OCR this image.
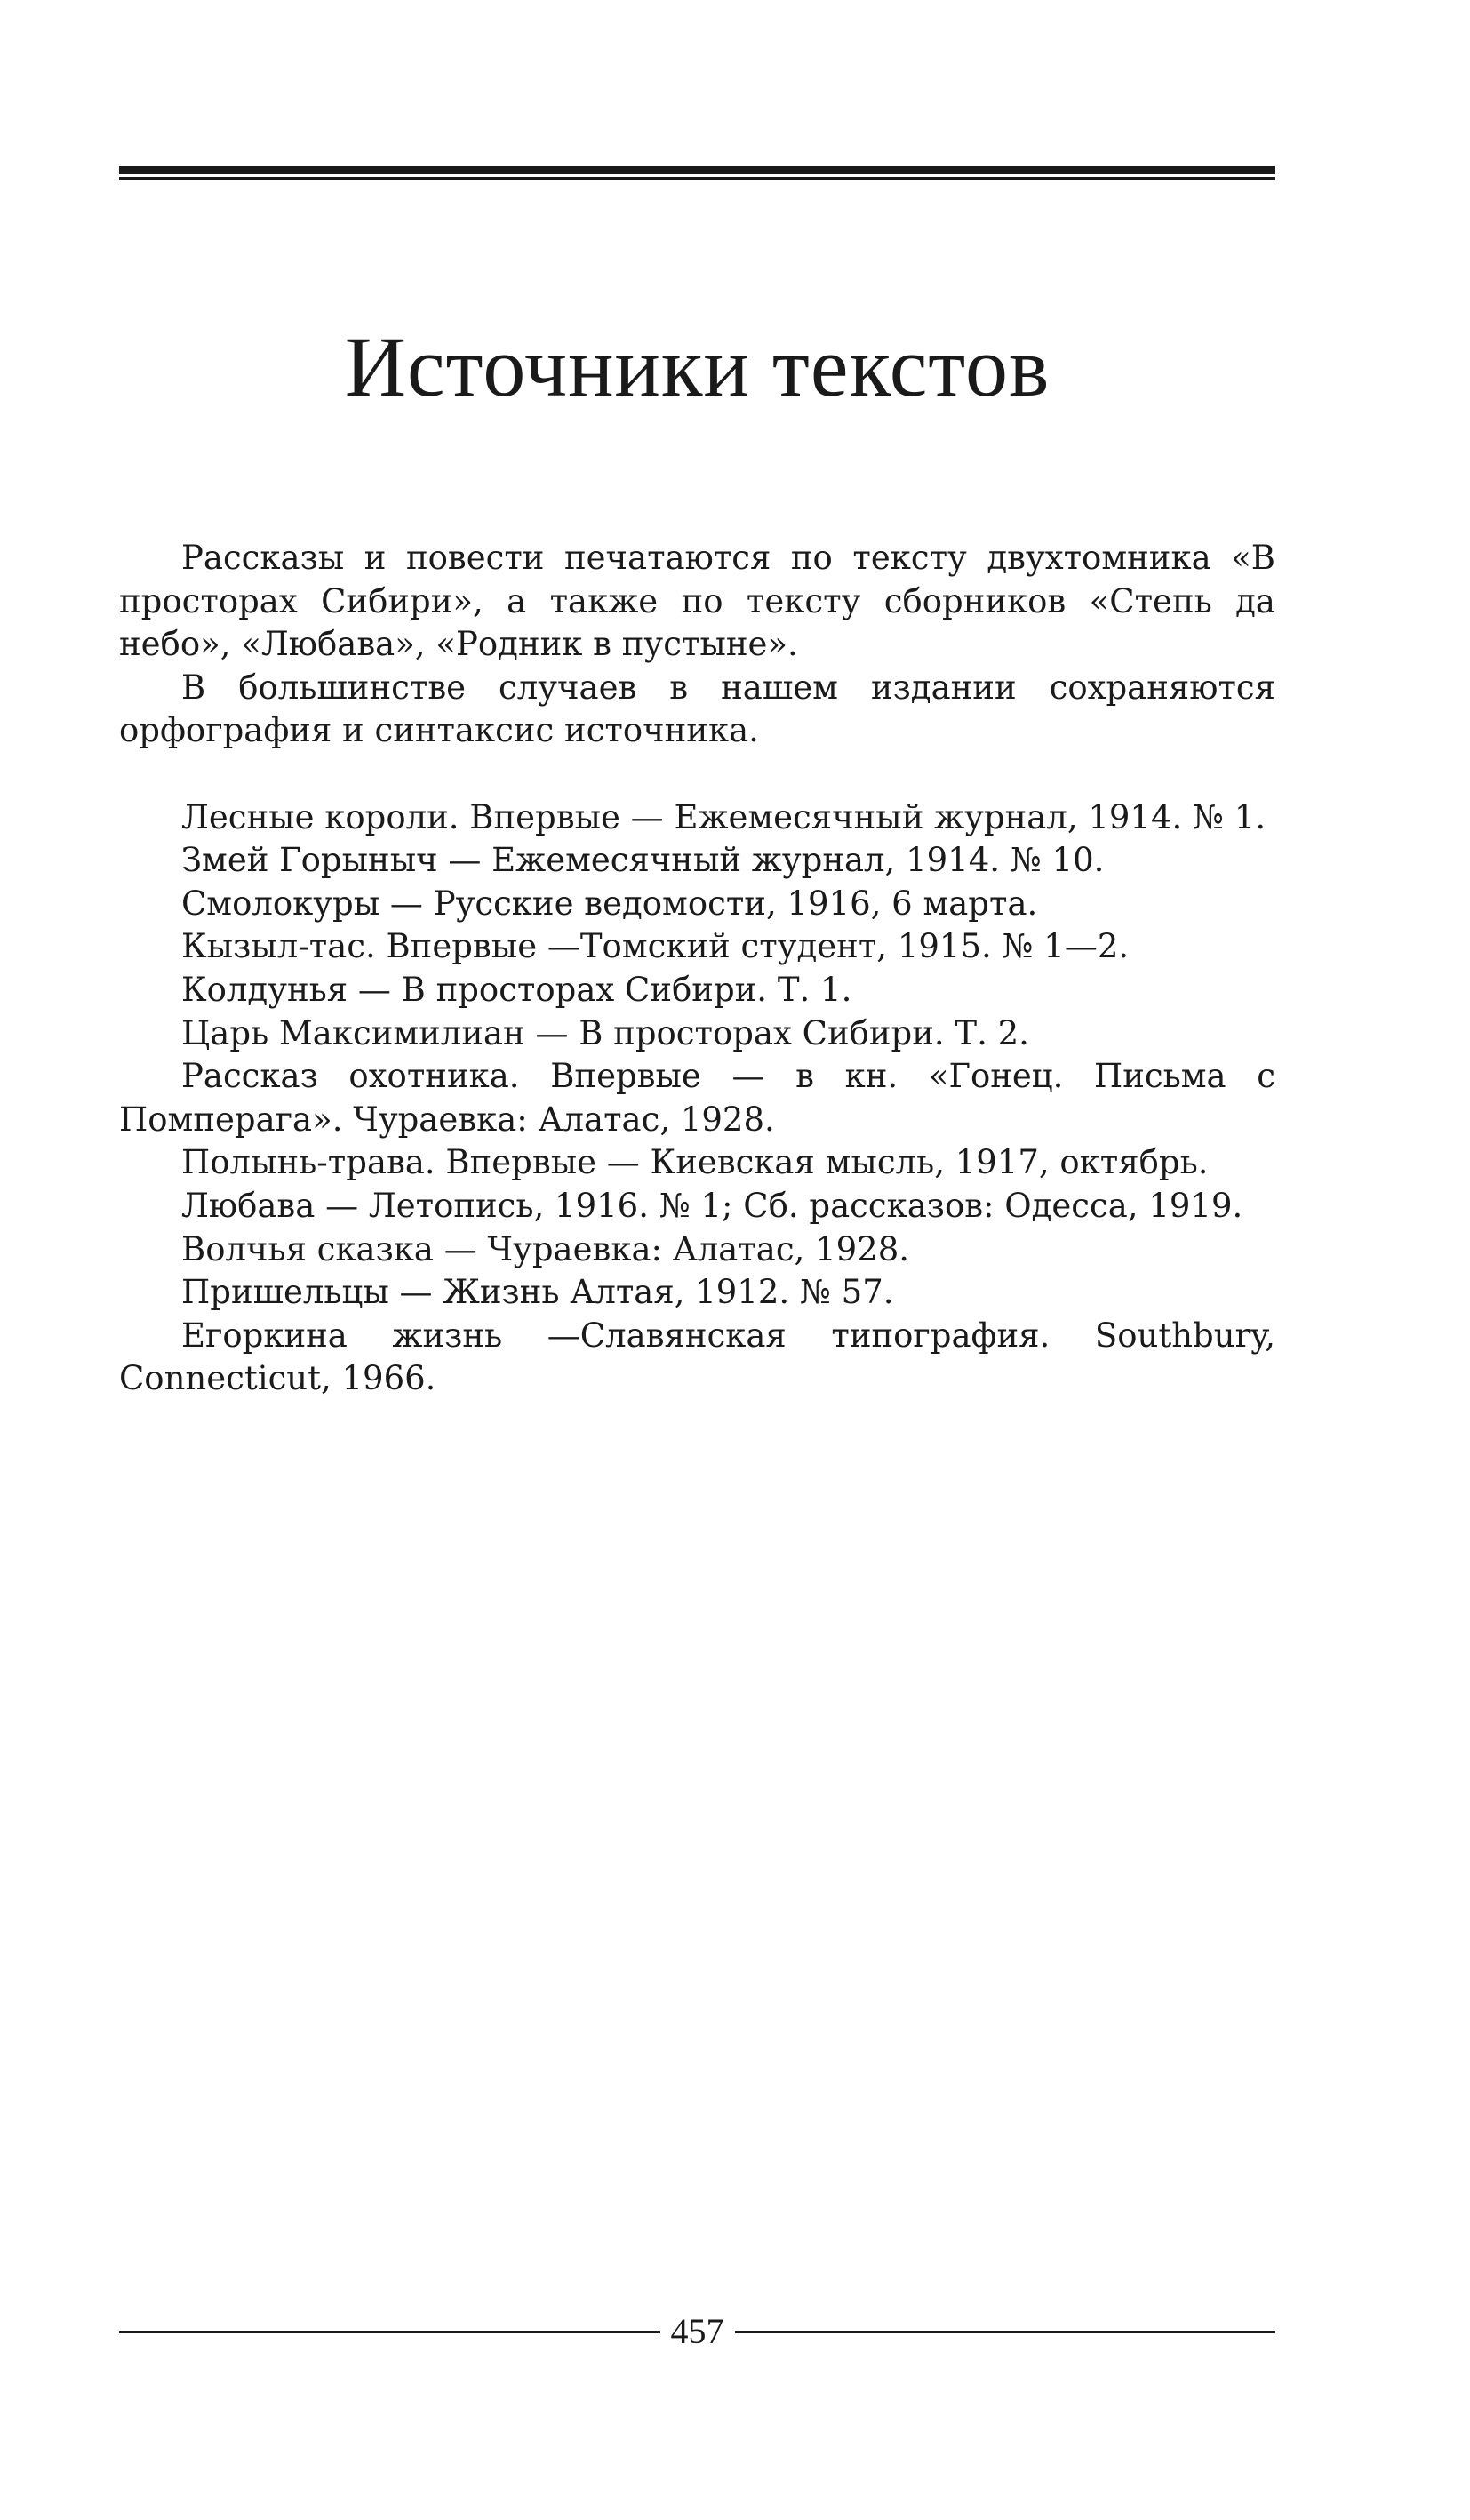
Источники текстов

Рассказы и повести печатаются по тексту двухтомника «В просторах Сибири», а также по тексту сборников «Степь да небо», «Любава», «Родник в пустыне».

В большинстве случаев в нашем издании сохраняются орфография и синтаксис источника.

Лесные короли. Впервые — Ежемесячный журнал, 1914. № 1.

Змей Горыныч — Ежемесячный журнал, 1914. № 10.

Смолокуры — Русские ведомости, 1916, 6 марта.

Кызыл-тас. Впервые —Томский студент, 1915. № 1—2.

Колдунья — В просторах Сибири. Т. 1.

Царь Максимилиан — В просторах Сибири. Т. 2.

Рассказ охотника. Впервые — в кн. «Гонец. Письма с Помперага». Чураевка: Алатас, 1928.

Полынь-трава. Впервые — Киевская мысль, 1917, октябрь.

Любава — Летопись, 1916. № 1; Сб. рассказов: Одесса, 1919.

Волчья сказка — Чураевка: Алатас, 1928.

Пришельцы — Жизнь Алтая, 1912. № 57.

Егоркина жизнь —Славянская типография. Southbury, Connecticut, 1966.

457
